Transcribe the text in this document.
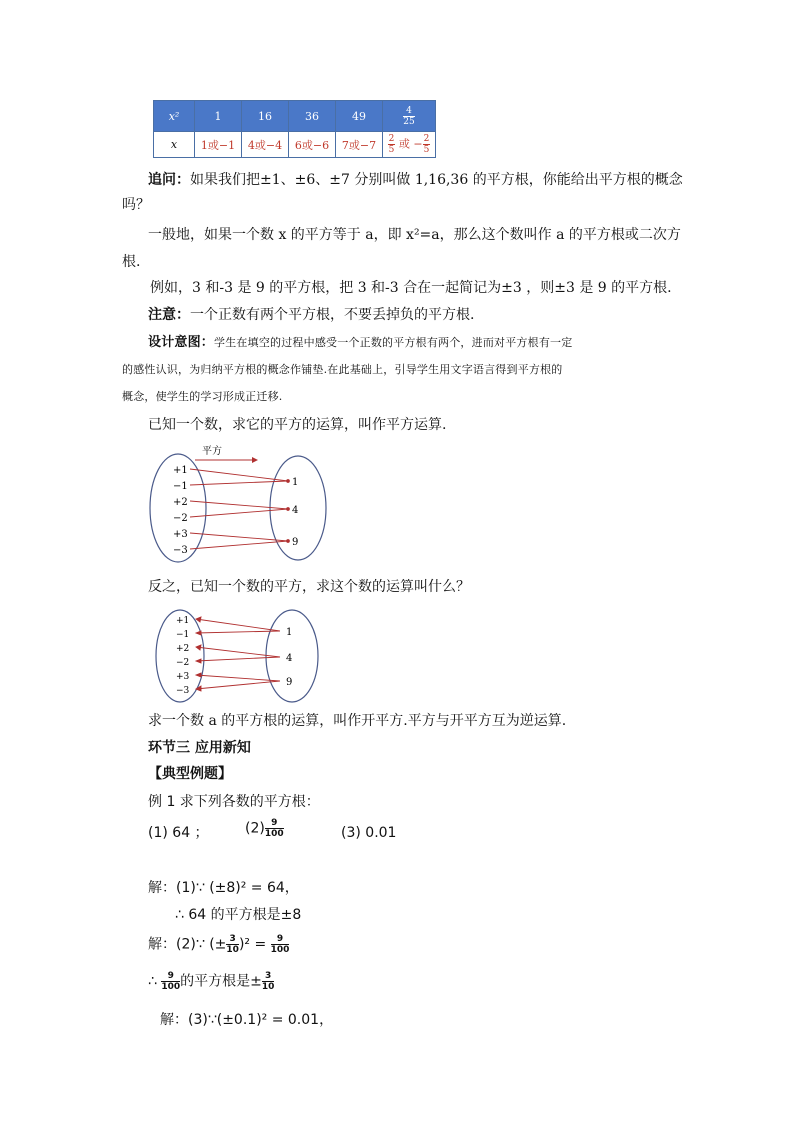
x²	1	16	36	49	$\frac{4}{25}$

x	1或−1	4或−4	6或−6	7或−7	$\frac{2}{5}$ 或 − $\frac{2}{5}$
追问：如果我们把±1、±6、±7 分别叫做 1,16,36 的平方根，你能给出平方根的概念
吗？
一般地，如果一个数 x 的平方等于 a，即 x²=a，那么这个数叫作 a 的平方根或二次方
根.
例如，3 和-3 是 9 的平方根，把 3 和-3 合在一起简记为±3 ，则±3 是 9 的平方根.
注意：一个正数有两个平方根，不要丢掉负的平方根.
设计意图：学生在填空的过程中感受一个正数的平方根有两个，进而对平方根有一定
的感性认识，为归纳平方根的概念作铺垫.在此基础上，引导学生用文字语言得到平方根的
概念，使学生的学习形成正迁移.
已知一个数，求它的平方的运算，叫作平方运算.
平方
+1
−1
+2
−2
+3
−3
1
4
9
反之，已知一个数的平方，求这个数的运算叫什么？
+1
−1
+2
−2
+3
−3
1
4
9
求一个数 a 的平方根的运算，叫作开平方.平方与开平方互为逆运算.
环节三 应用新知
【典型例题】
例 1 求下列各数的平方根：
(1) 64 ；	$(2) \frac{9}{100}$	(3) 0.01
解：(1)∵ (±8)² = 64，
∴ 64 的平方根是±8
解：(2)∵ (± $\frac{3}{10} )^2 = \frac{9}{100}$
∴ $\frac{9}{100}$ 的平方根是± $\frac{3}{10}$
解：(3)∵(±0.1)² = 0.01，
